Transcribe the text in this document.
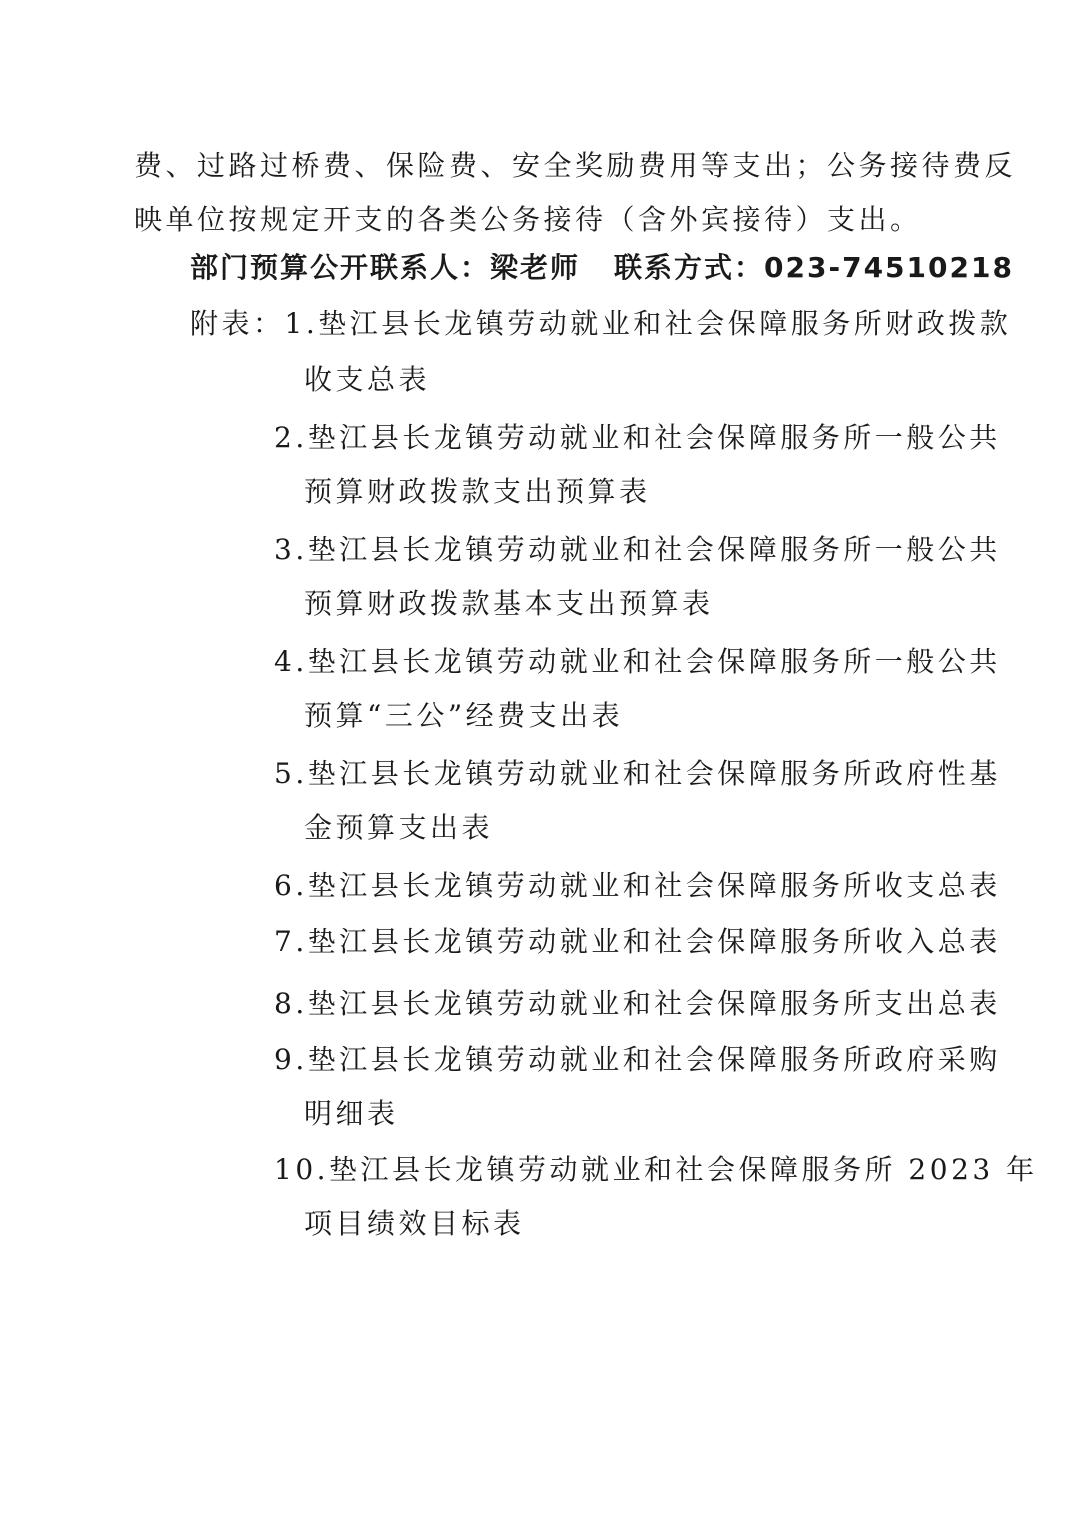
费、过路过桥费、保险费、安全奖励费用等支出；公务接待费反
映单位按规定开支的各类公务接待（含外宾接待）支出。
部门预算公开联系人：梁老师 联系方式：023-74510218
附表：1.垫江县长龙镇劳动就业和社会保障服务所财政拨款
收支总表
2.垫江县长龙镇劳动就业和社会保障服务所一般公共
预算财政拨款支出预算表
3.垫江县长龙镇劳动就业和社会保障服务所一般公共
预算财政拨款基本支出预算表
4.垫江县长龙镇劳动就业和社会保障服务所一般公共
预算“三公”经费支出表
5.垫江县长龙镇劳动就业和社会保障服务所政府性基
金预算支出表
6.垫江县长龙镇劳动就业和社会保障服务所收支总表
7.垫江县长龙镇劳动就业和社会保障服务所收入总表
8.垫江县长龙镇劳动就业和社会保障服务所支出总表
9.垫江县长龙镇劳动就业和社会保障服务所政府采购
明细表
10.垫江县长龙镇劳动就业和社会保障服务所 2023 年
项目绩效目标表
